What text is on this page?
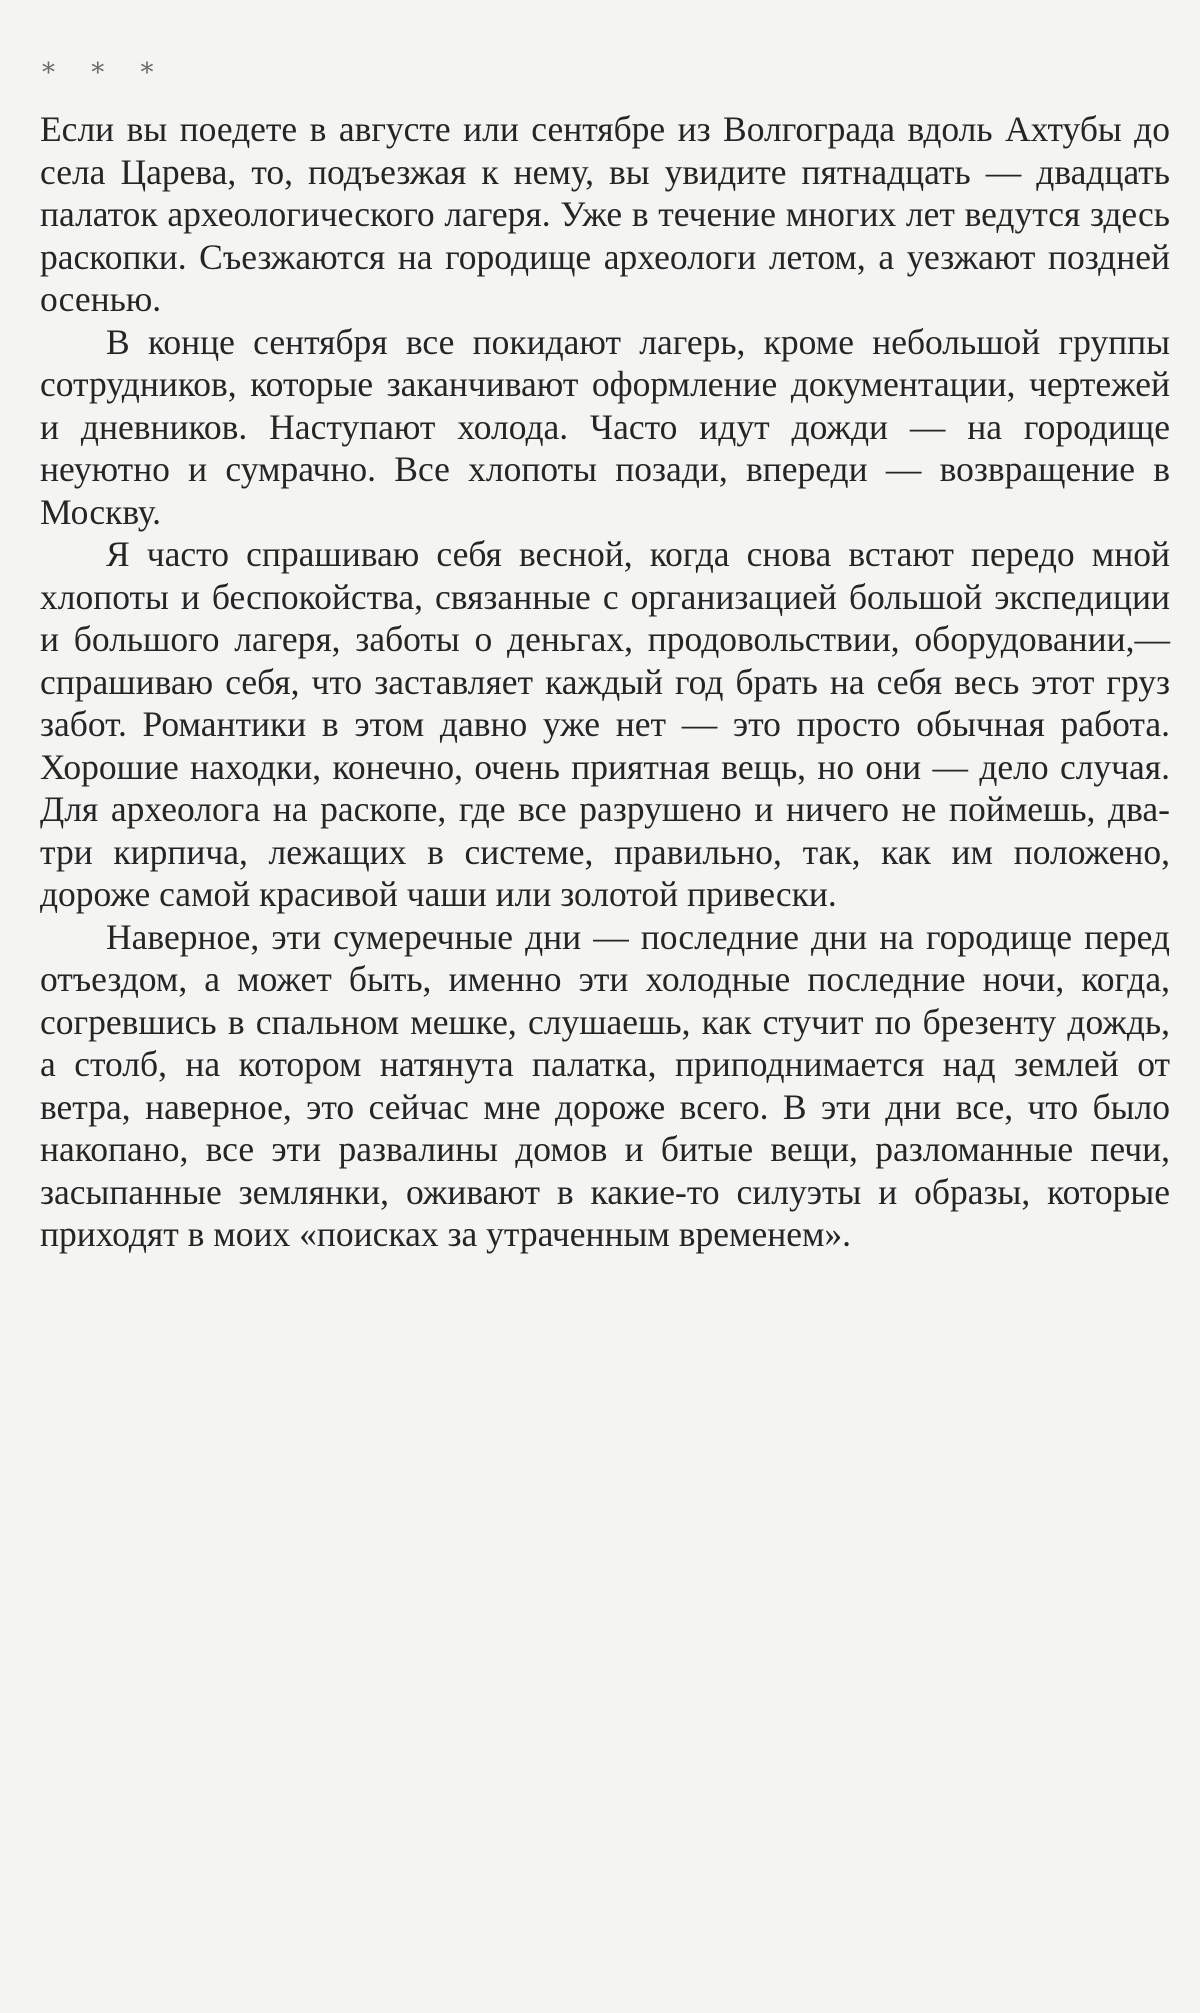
* * *

Если вы поедете в августе или сентябре из Волгограда вдоль Ахтубы до села Царева, то, подъезжая к нему, вы увидите пятнадцать — двадцать палаток археологического лагеря. Уже в течение многих лет ведутся здесь раскопки. Съезжаются на городище археологи летом, а уезжают поздней осенью.

В конце сентября все покидают лагерь, кроме небольшой группы сотрудников, которые заканчивают оформление документации, чертежей и дневников. Наступают холода. Часто идут дожди — на городище неуютно и сумрачно. Все хлопоты позади, впереди — возвращение в Москву.

Я часто спрашиваю себя весной, когда снова встают передо мной хлопоты и беспокойства, связанные с организацией большой экспедиции и большого лагеря, заботы о деньгах, продовольствии, оборудовании,— спрашиваю себя, что заставляет каждый год брать на себя весь этот груз забот. Романтики в этом давно уже нет — это просто обычная работа. Хорошие находки, конечно, очень приятная вещь, но они — дело случая. Для археолога на раскопе, где все разрушено и ничего не поймешь, два-три кирпича, лежащих в системе, правильно, так, как им положено, дороже самой красивой чаши или золотой привески.

Наверное, эти сумеречные дни — последние дни на городище перед отъездом, а может быть, именно эти холодные последние ночи, когда, согревшись в спальном мешке, слушаешь, как стучит по брезенту дождь, а столб, на котором натянута палатка, приподнимается над землей от ветра, наверное, это сейчас мне дороже всего. В эти дни все, что было накопано, все эти развалины домов и битые вещи, разломанные печи, засыпанные землянки, оживают в какие-то силуэты и образы, которые приходят в моих «поисках за утраченным временем».
